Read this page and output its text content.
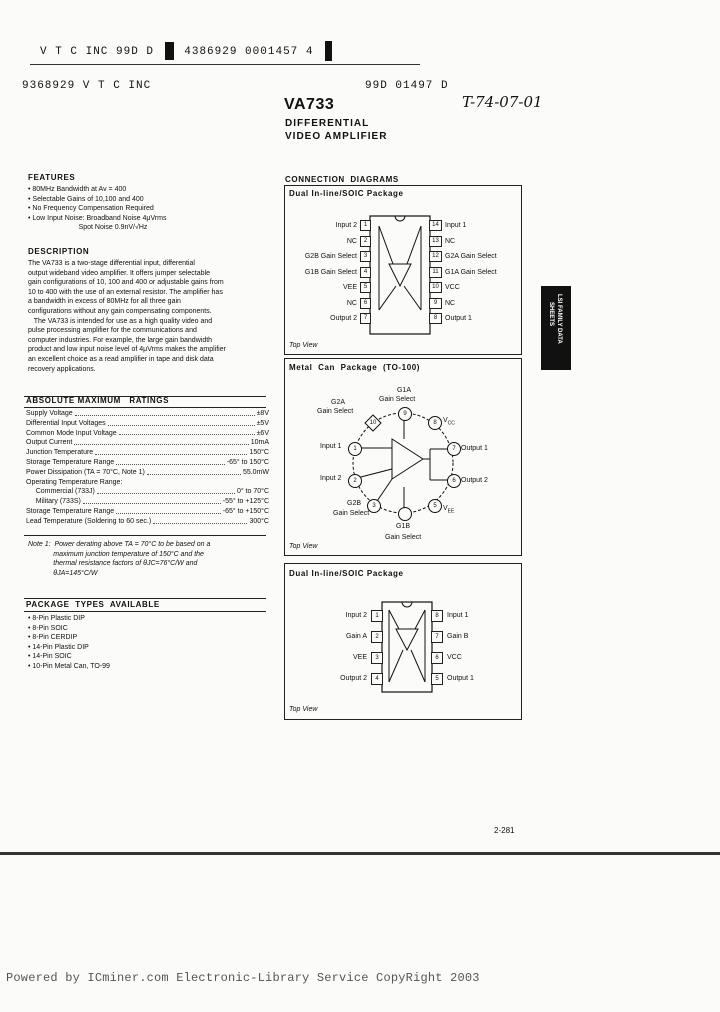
V T C INC 99D D	4386929 0001457 4
9368929 V T C INC	99D 01497 D
T-74-07-01
VA733
DIFFERENTIAL
VIDEO AMPLIFIER
FEATURES
• 80MHz Bandwidth at Av = 400
• Selectable Gains of 10,100 and 400
• No Frequency Compensation Required
• Low Input Noise: Broadband Noise 4μVrms
Spot Noise 0.9nV/√Hz
DESCRIPTION
The VA733 is a two-stage differential input, differential
output wideband video amplifier. It offers jumper selectable
gain configurations of 10, 100 and 400 or adjustable gains from
10 to 400 with the use of an external resistor. The amplifier has
a bandwidth in excess of 80MHz for all three gain
configurations without any gain compensating components.
The VA733 is intended for use as a high quality video and
pulse processing amplifier for the communications and
computer industries. For example, the large gain bandwidth
product and low input noise level of 4μVrms makes the amplifier
an excellent choice as a read amplifier in tape and disk data
recovery applications.
ABSOLUTE MAXIMUM   RATINGS
Supply Voltage	±8V
Differential Input Voltages	±5V
Common Mode Input Voltage	±6V
Output Current	10mA
Junction Temperature	150°C
Storage Temperature Range	-65° to 150°C
Power Dissipation (TA = 70°C, Note 1)	55.0mW
Operating Temperature Range:
Commercial (733J)	0° to 70°C
Military (733S)	-55° to +125°C
Storage Temperature Range	-65° to +150°C
Lead Temperature (Soldering to 60 sec.)	300°C
Note 1:  Power derating above TA = 70°C to be based on a
maximum junction temperature of 150°C and the
thermal resistance factors of θJC=76°C/W and
θJA=145°C/W
PACKAGE  TYPES  AVAILABLE
• 8-Pin Plastic DIP
• 8-Pin SOIC
• 8-Pin CERDIP
• 14-Pin Plastic DIP
• 14-Pin SOIC
• 10-Pin Metal Can, TO-99
CONNECTION  DIAGRAMS
Dual In-line/SOIC Package
Top View
Input 2	1
NC	2
G2B Gain Select	3
G1B Gain Select	4
VEE	5
NC	6
Output 2	7
14 Input 1
13 NC
12 G2A Gain Select
11 G1A Gain Select
10 VCC
9	NC
8	Output 1
Metal  Can  Package  (TO-100)
Top View
9
8
7
6
5
3
2
1
10
G1A
Gain Select
G2A
Gain Select
$V_{CC}$
Input 1
Input 2
Output 1
Output 2
G2B
Gain Select
$V_{EE}$
G1B
Gain Select
Dual In-line/SOIC Package
Top View
Input 2	1
Gain A	2
VEE	3
Output 2	4
8	Input 1
7	Gain B
6	VCC
5	Output 1
LSI FAMILY DATA
SHEETS
2-281
Powered by ICminer.com Electronic-Library Service CopyRight 2003
